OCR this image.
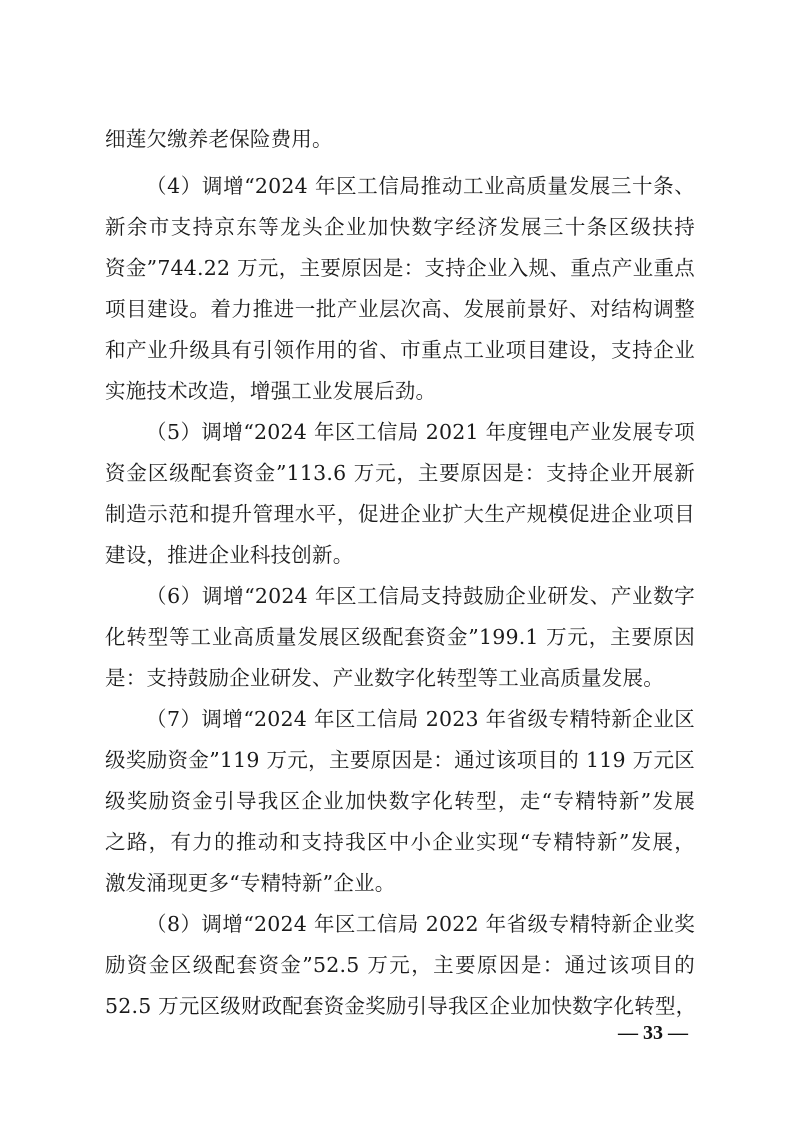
细莲欠缴养老保险费用。
（4）调增“2024 年区工信局推动工业高质量发展三十条、
新余市支持京东等龙头企业加快数字经济发展三十条区级扶持
资金”744.22 万元，主要原因是：支持企业入规、重点产业重点
项目建设。着力推进一批产业层次高、发展前景好、对结构调整
和产业升级具有引领作用的省、市重点工业项目建设，支持企业
实施技术改造，增强工业发展后劲。
（5）调增“2024 年区工信局 2021 年度锂电产业发展专项
资金区级配套资金”113.6 万元，主要原因是：支持企业开展新
制造示范和提升管理水平，促进企业扩大生产规模促进企业项目
建设，推进企业科技创新。
（6）调增“2024 年区工信局支持鼓励企业研发、产业数字
化转型等工业高质量发展区级配套资金”199.1 万元，主要原因
是：支持鼓励企业研发、产业数字化转型等工业高质量发展。
（7）调增“2024 年区工信局 2023 年省级专精特新企业区
级奖励资金”119 万元，主要原因是：通过该项目的 119 万元区
级奖励资金引导我区企业加快数字化转型，走“专精特新”发展
之路，有力的推动和支持我区中小企业实现“专精特新”发展，
激发涌现更多“专精特新”企业。
（8）调增“2024 年区工信局 2022 年省级专精特新企业奖
励资金区级配套资金”52.5 万元，主要原因是：通过该项目的
52.5 万元区级财政配套资金奖励引导我区企业加快数字化转型，
— 33 —
